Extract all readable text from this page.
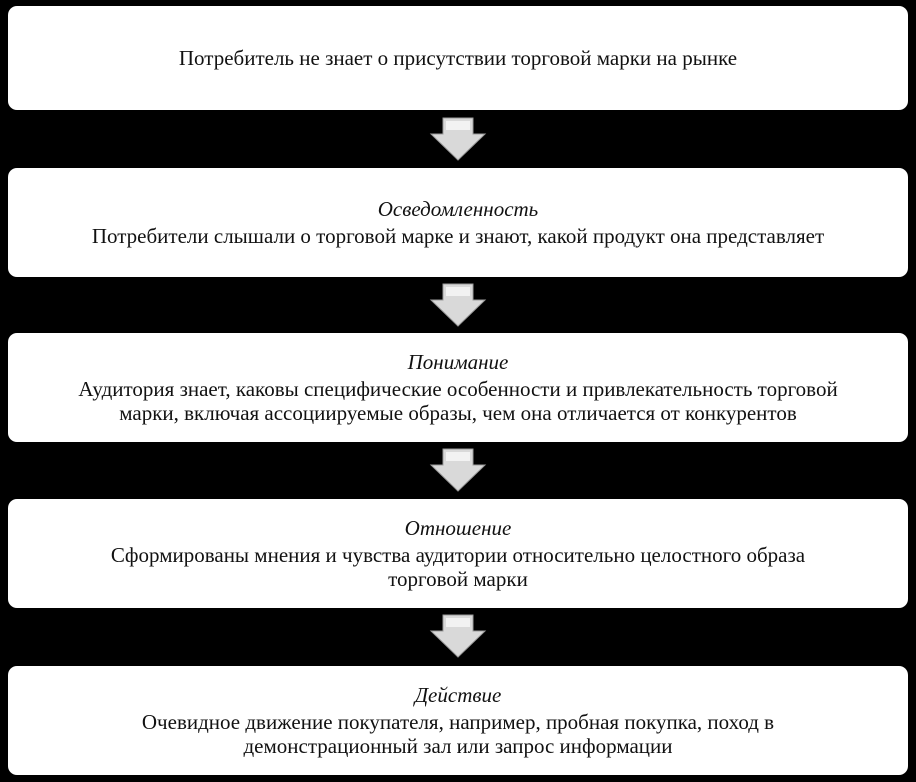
Потребитель не знает о присутствии торговой марки на рынке
Осведомленность
Потребители слышали о торговой марке и знают, какой продукт она представляет
Понимание
Аудитория знает, каковы специфические особенности и привлекательность торговой
марки, включая ассоциируемые образы, чем она отличается от конкурентов
Отношение
Сформированы мнения и чувства аудитории относительно целостного образа
торговой марки
Действие
Очевидное движение покупателя, например, пробная покупка, поход в
демонстрационный зал или запрос информации
